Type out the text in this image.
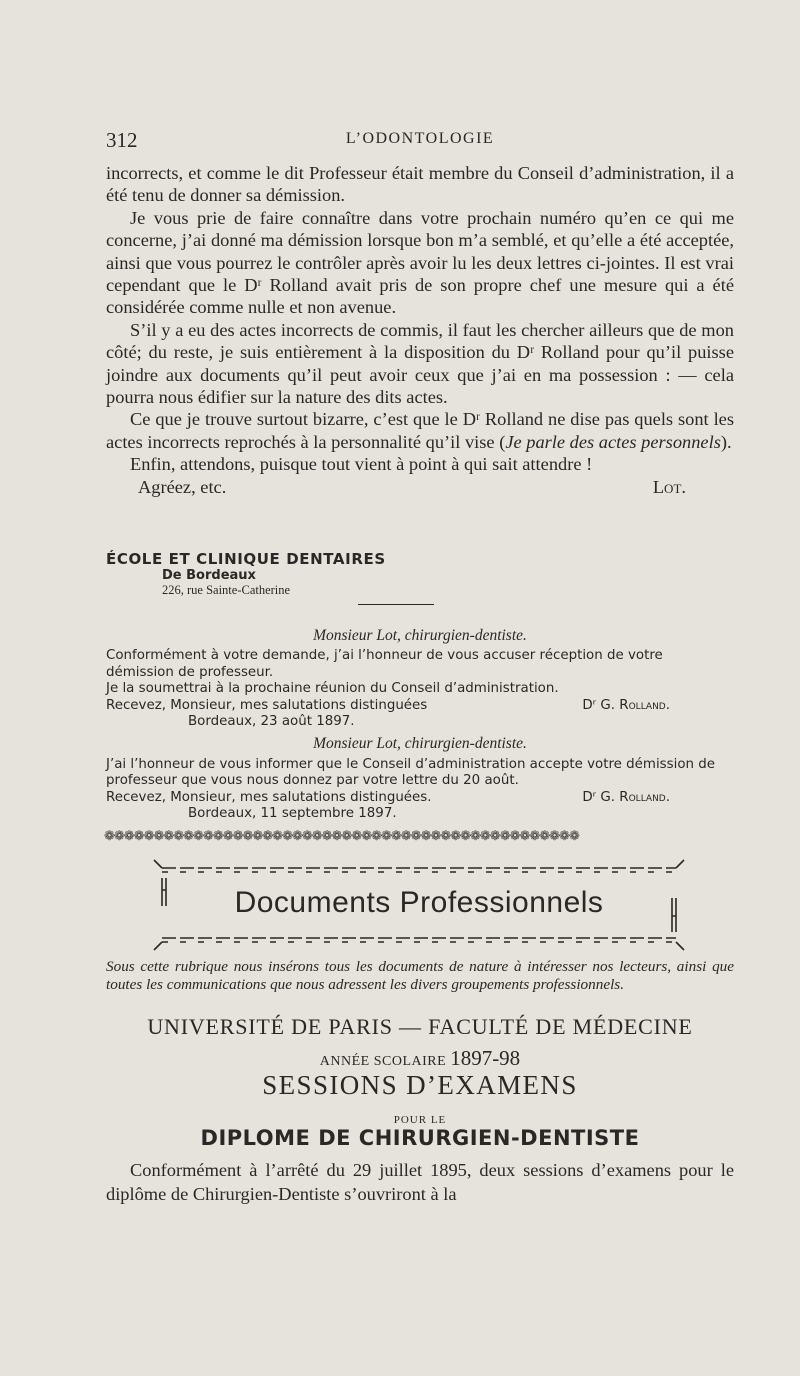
312	L’ODONTOLOGIE

incorrects, et comme le dit Professeur était membre du Conseil d’administration, il a été tenu de donner sa démission.

Je vous prie de faire connaître dans votre prochain numéro qu’en ce qui me concerne, j’ai donné ma démission lorsque bon m’a semblé, et qu’elle a été acceptée, ainsi que vous pourrez le contrôler après avoir lu les deux lettres ci-jointes. Il est vrai cependant que le Dʳ Rolland avait pris de son propre chef une mesure qui a été considérée comme nulle et non avenue.

S’il y a eu des actes incorrects de commis, il faut les chercher ailleurs que de mon côté; du reste, je suis entièrement à la disposition du Dʳ Rolland pour qu’il puisse joindre aux documents qu’il peut avoir ceux que j’ai en ma possession : — cela pourra nous édifier sur la nature des dits actes.

Ce que je trouve surtout bizarre, c’est que le Dʳ Rolland ne dise pas quels sont les actes incorrects reprochés à la personnalité qu’il vise (Je parle des actes personnels).

Enfin, attendons, puisque tout vient à point à qui sait attendre !

Agréez, etc.	Lot.
ÉCOLE ET CLINIQUE DENTAIRES
De Bordeaux
226, rue Sainte-Catherine
Monsieur Lot, chirurgien-dentiste.

Conformément à votre demande, j’ai l’honneur de vous accuser réception de votre démission de professeur.

Je la soumettrai à la prochaine réunion du Conseil d’administration.

Recevez, Monsieur, mes salutations distinguées	Dʳ G. Rolland.
Bordeaux, 23 août 1897.
Monsieur Lot, chirurgien-dentiste.

J’ai l’honneur de vous informer que le Conseil d’administration accepte votre démission de professeur que vous nous donnez par votre lettre du 20 août.

Recevez, Monsieur, mes salutations distinguées.	Dʳ G. Rolland.
Bordeaux, 11 septembre 1897.
❁❁❁❁❁❁❁❁❁❁❁❁❁❁❁❁❁❁❁❁❁❁❁❁❁❁❁❁❁❁❁❁❁❁❁❁❁❁❁❁❁❁❁❁❁❁❁❁
Documents Professionnels
Sous cette rubrique nous insérons tous les documents de nature à intéresser nos lecteurs, ainsi que toutes les communications que nous adressent les divers groupements professionnels.
UNIVERSITÉ DE PARIS — FACULTÉ DE MÉDECINE
ANNÉE SCOLAIRE 1897-98
SESSIONS D’EXAMENS
POUR LE
DIPLOME DE CHIRURGIEN-DENTISTE

Conformément à l’arrêté du 29 juillet 1895, deux sessions d’examens pour le diplôme de Chirurgien-Dentiste s’ouvriront à la
